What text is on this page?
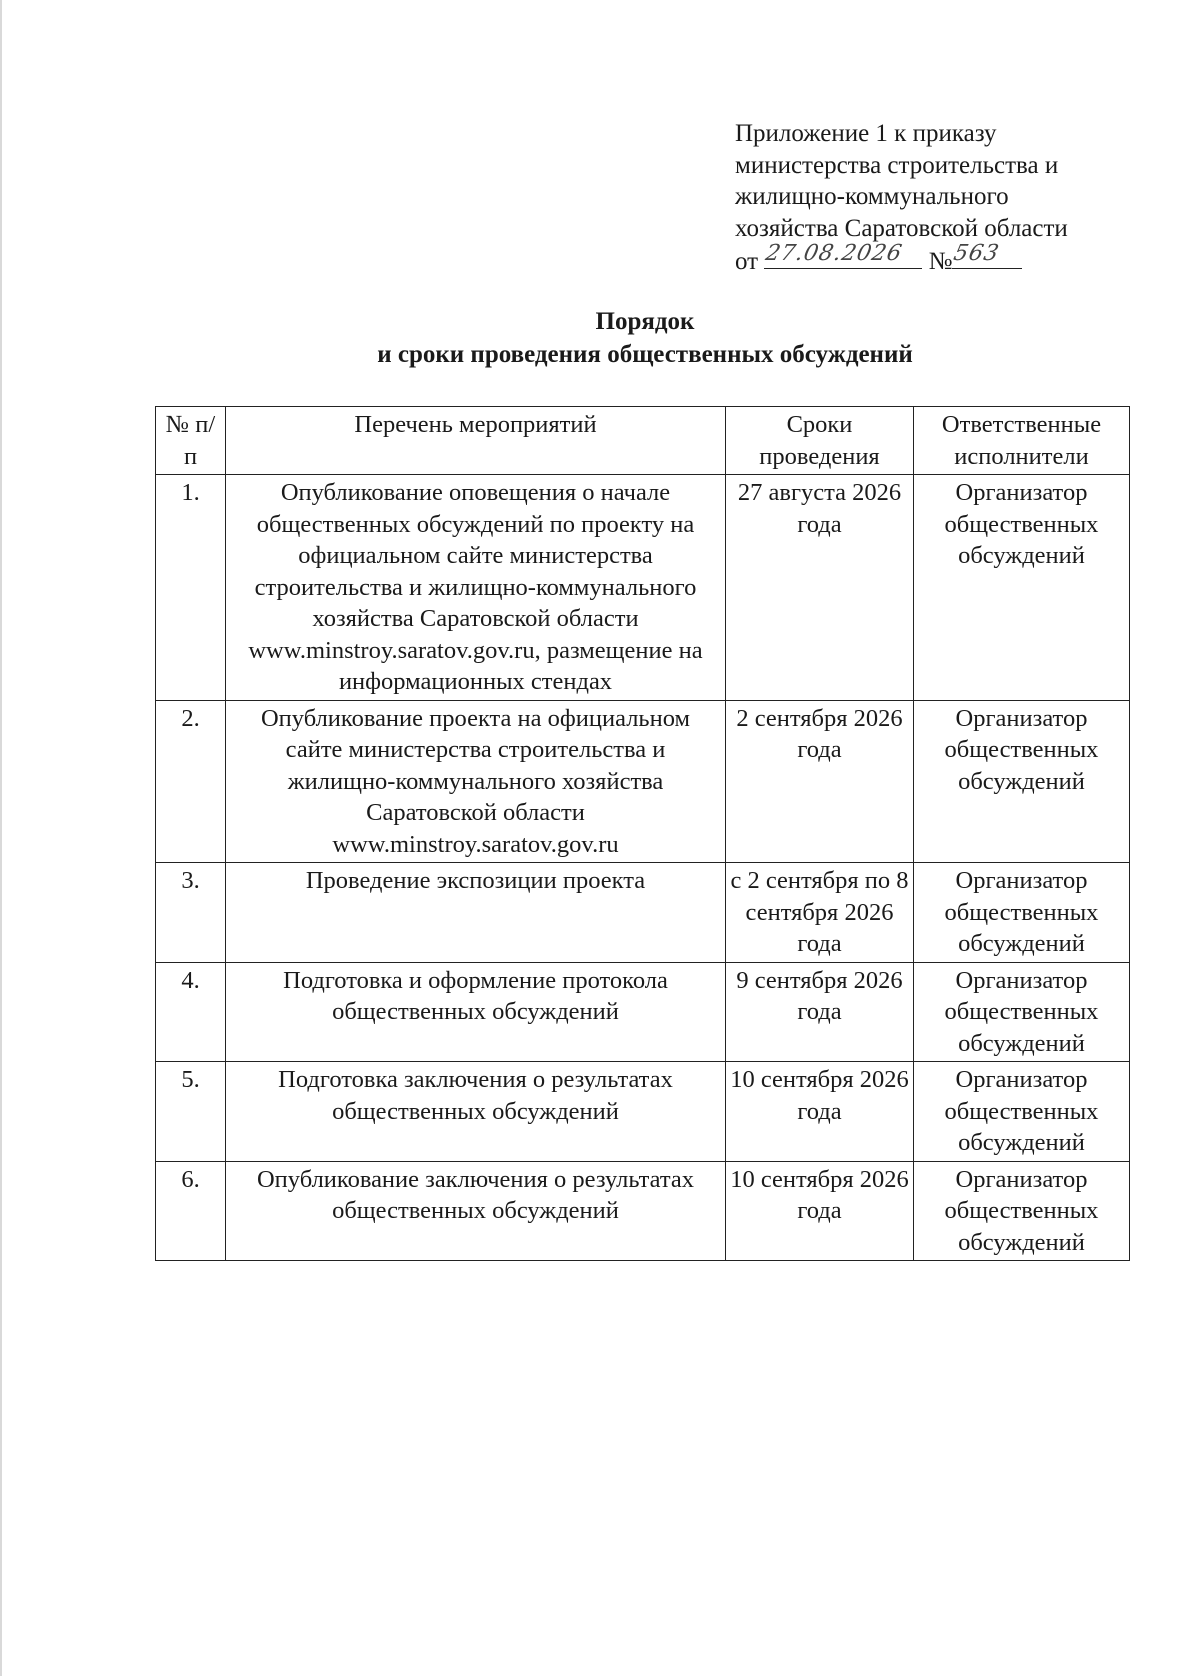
Приложение 1 к приказу
министерства строительства и
жилищно-коммунального
хозяйства Саратовской области
от 27.08.2026 № 563
Порядок
и сроки проведения общественных обсуждений
№ п/п	Перечень мероприятий	Сроки проведения	Ответственные исполнители
1.	Опубликование оповещения о начале общественных обсуждений по проекту на официальном сайте министерства строительства и жилищно-коммунального хозяйства Саратовской области www.minstroy.saratov.gov.ru, размещение на информационных стендах	27 августа 2026 года	Организатор общественных обсуждений
2.	Опубликование проекта на официальном сайте министерства строительства и жилищно-коммунального хозяйства Саратовской области www.minstroy.saratov.gov.ru	2 сентября 2026 года	Организатор общественных обсуждений
3.	Проведение экспозиции проекта	с 2 сентября по 8 сентября 2026 года	Организатор общественных обсуждений
4.	Подготовка и оформление протокола общественных обсуждений	9 сентября 2026 года	Организатор общественных обсуждений
5.	Подготовка заключения о результатах общественных обсуждений	10 сентября 2026 года	Организатор общественных обсуждений
6.	Опубликование заключения о результатах общественных обсуждений	10 сентября 2026 года	Организатор общественных обсуждений
